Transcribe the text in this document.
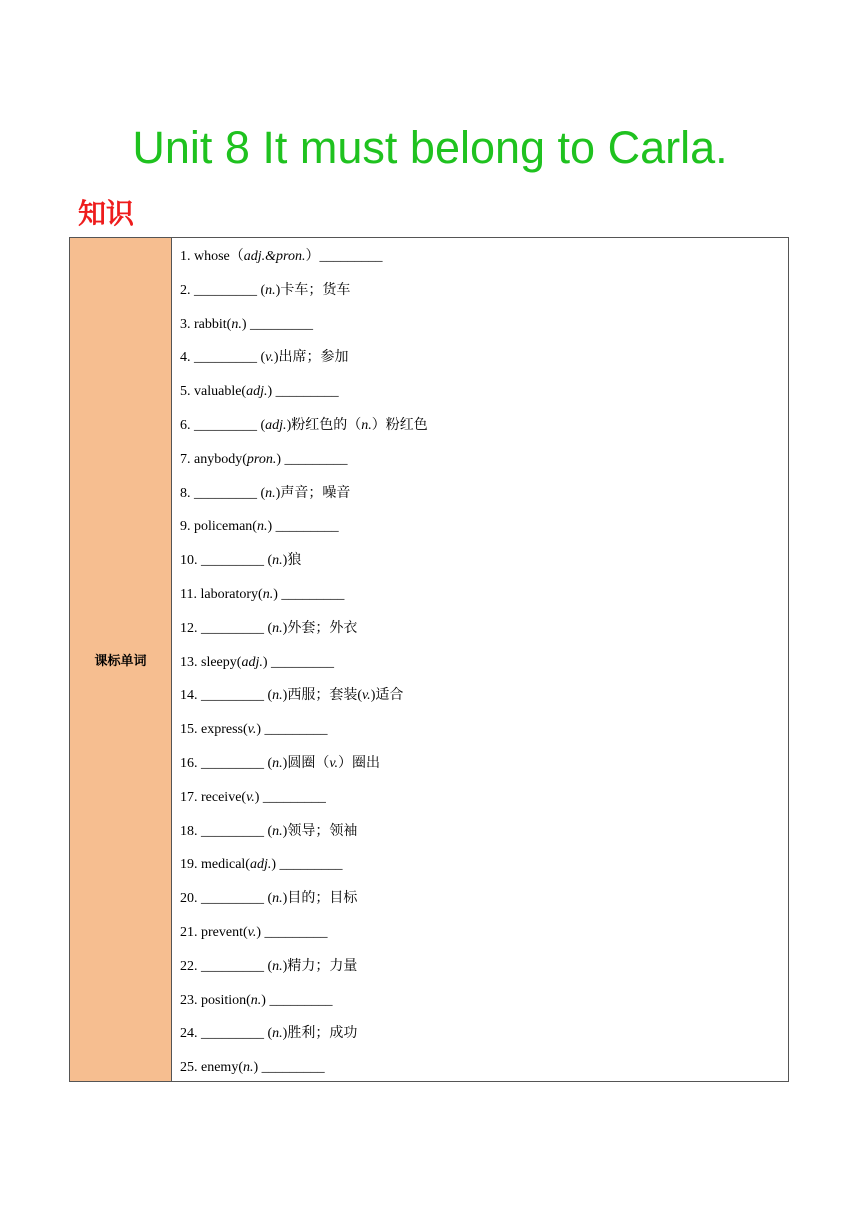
Unit 8 It must belong to Carla.
知识
课标单词
1. whose（adj.&pron.）_________
2. _________ (n.)卡车；货车
3. rabbit(n.) _________
4. _________ (v.)出席；参加
5. valuable(adj.) _________
6. _________ (adj.)粉红色的（n.）粉红色
7. anybody(pron.) _________
8. _________ (n.)声音；噪音
9. policeman(n.) _________
10. _________ (n.)狼
11. laboratory(n.) _________
12. _________ (n.)外套；外衣
13. sleepy(adj.) _________
14. _________ (n.)西服；套装(v.)适合
15. express(v.) _________
16. _________ (n.)圆圈（v.）圈出
17. receive(v.) _________
18. _________ (n.)领导；领袖
19. medical(adj.) _________
20. _________ (n.)目的；目标
21. prevent(v.) _________
22. _________ (n.)精力；力量
23. position(n.) _________
24. _________ (n.)胜利；成功
25. enemy(n.) _________
